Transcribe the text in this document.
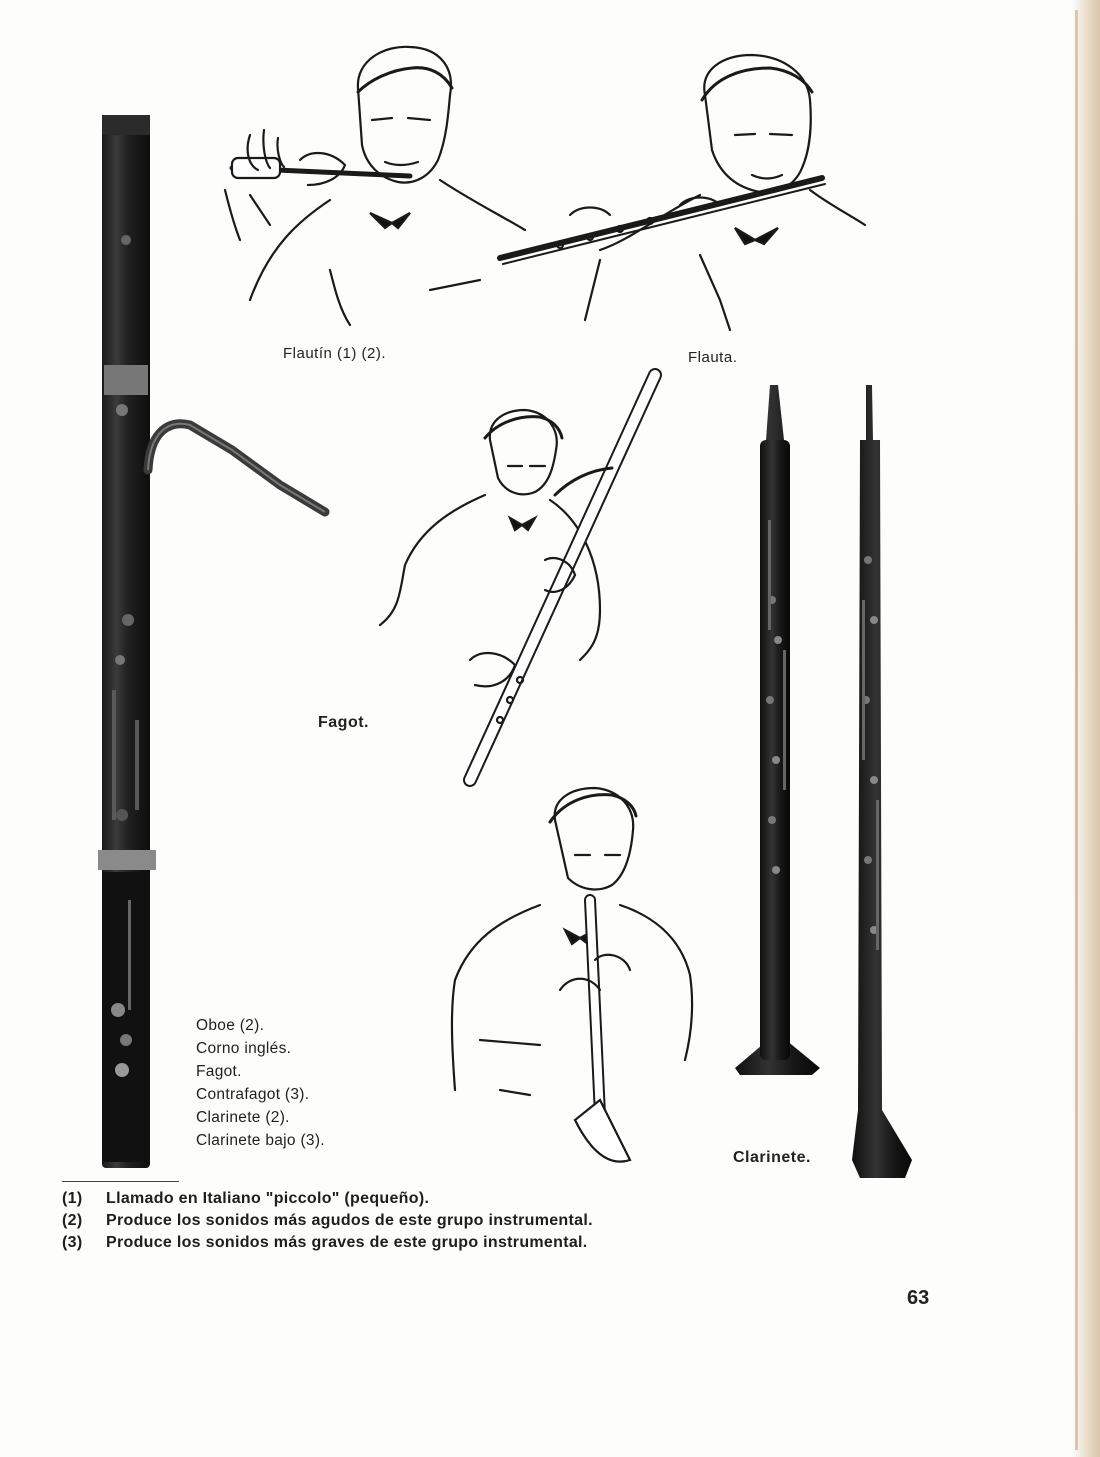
Flautín (1) (2).	Flauta.
Fagot.
Clarinete.
Oboe (2).
Corno inglés.
Fagot.
Contrafagot (3).
Clarinete (2).
Clarinete bajo (3).
(1) Llamado en Italiano "piccolo" (pequeño).
(2) Produce los sonidos más agudos de este grupo instrumental.
(3) Produce los sonidos más graves de este grupo instrumental.
63
